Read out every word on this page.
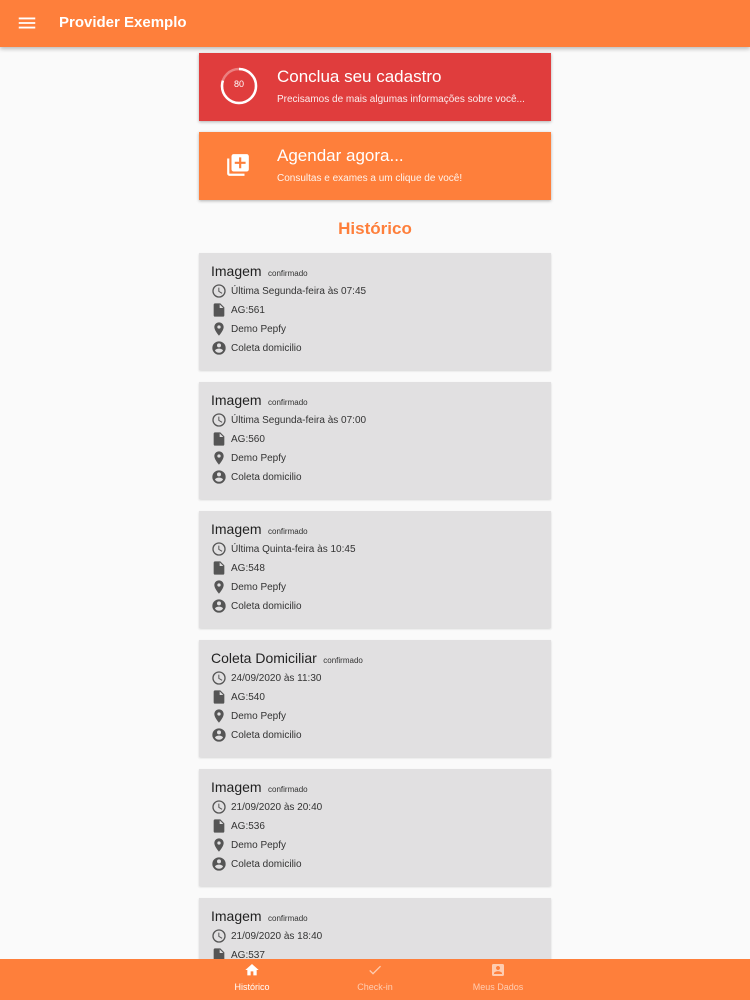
Provider Exemplo
80	Conclua seu cadastro
Precisamos de mais algumas informações sobre você...
Agendar agora...
Consultas e exames a um clique de você!
Histórico
Imagem confirmado
Última Segunda-feira às 07:45
AG:561
Demo Pepfy
Coleta domicilio
Imagem confirmado
Última Segunda-feira às 07:00
AG:560
Demo Pepfy
Coleta domicilio
Imagem confirmado
Última Quinta-feira às 10:45
AG:548
Demo Pepfy
Coleta domicilio
Coleta Domiciliar confirmado
24/09/2020 às 11:30
AG:540
Demo Pepfy
Coleta domicilio
Imagem confirmado
21/09/2020 às 20:40
AG:536
Demo Pepfy
Coleta domicilio
Imagem confirmado
21/09/2020 às 18:40
AG:537
Histórico	Check-in	Meus Dados
